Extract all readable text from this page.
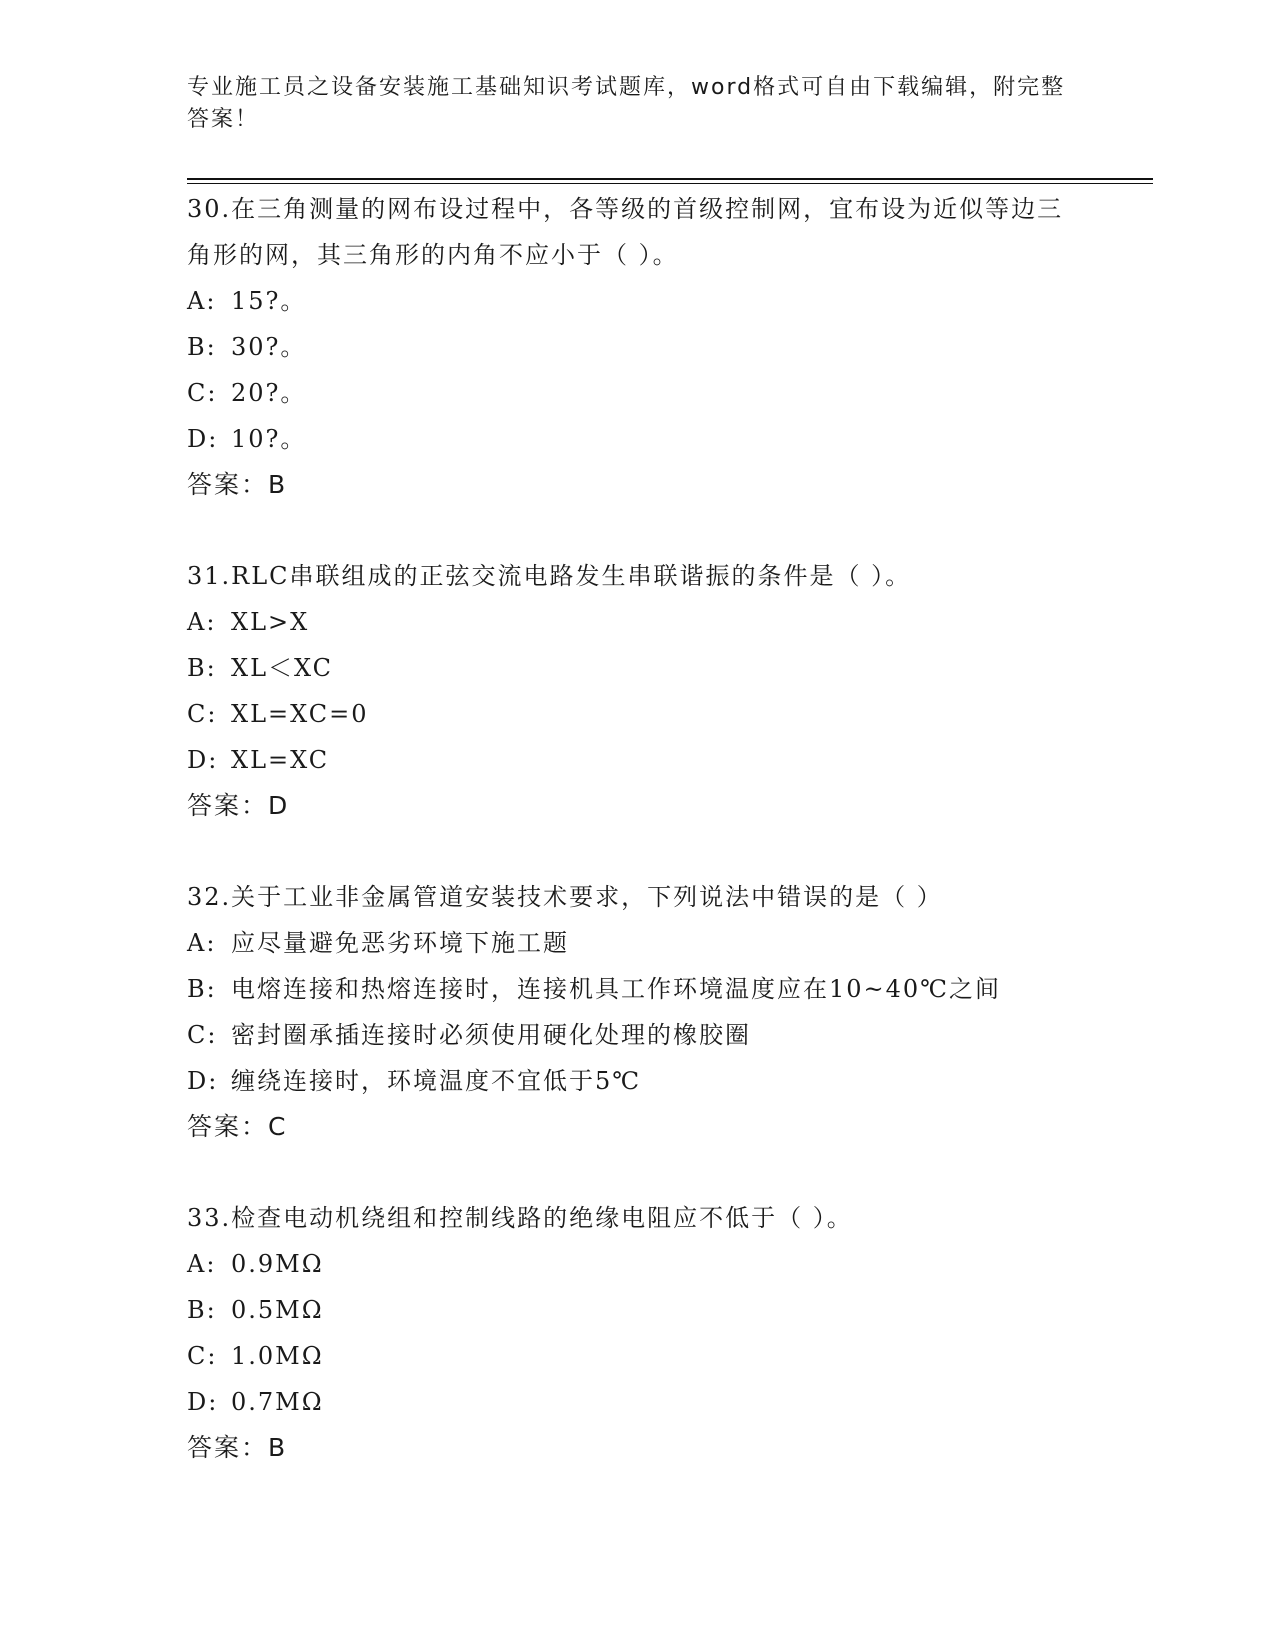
专业施工员之设备安装施工基础知识考试题库，word格式可自由下载编辑，附完整答案！

30.在三角测量的网布设过程中，各等级的首级控制网，宜布设为近似等边三角形的网，其三角形的内角不应小于（ ）。

A: 15?。

B: 30?。

C: 20?。

D: 10?。

答案：B

31.RLC串联组成的正弦交流电路发生串联谐振的条件是（ ）。

A: XL>X

B: XL＜XC

C: XL=XC=0

D: XL=XC

答案：D

32.关于工业非金属管道安装技术要求，下列说法中错误的是（ ）

A: 应尽量避免恶劣环境下施工题

B: 电熔连接和热熔连接时，连接机具工作环境温度应在10~40℃之间

C: 密封圈承插连接时必须使用硬化处理的橡胶圈

D: 缠绕连接时，环境温度不宜低于5℃

答案：C

33.检查电动机绕组和控制线路的绝缘电阻应不低于（ ）。

A: 0.9MΩ

B: 0.5MΩ

C: 1.0MΩ

D: 0.7MΩ

答案：B
